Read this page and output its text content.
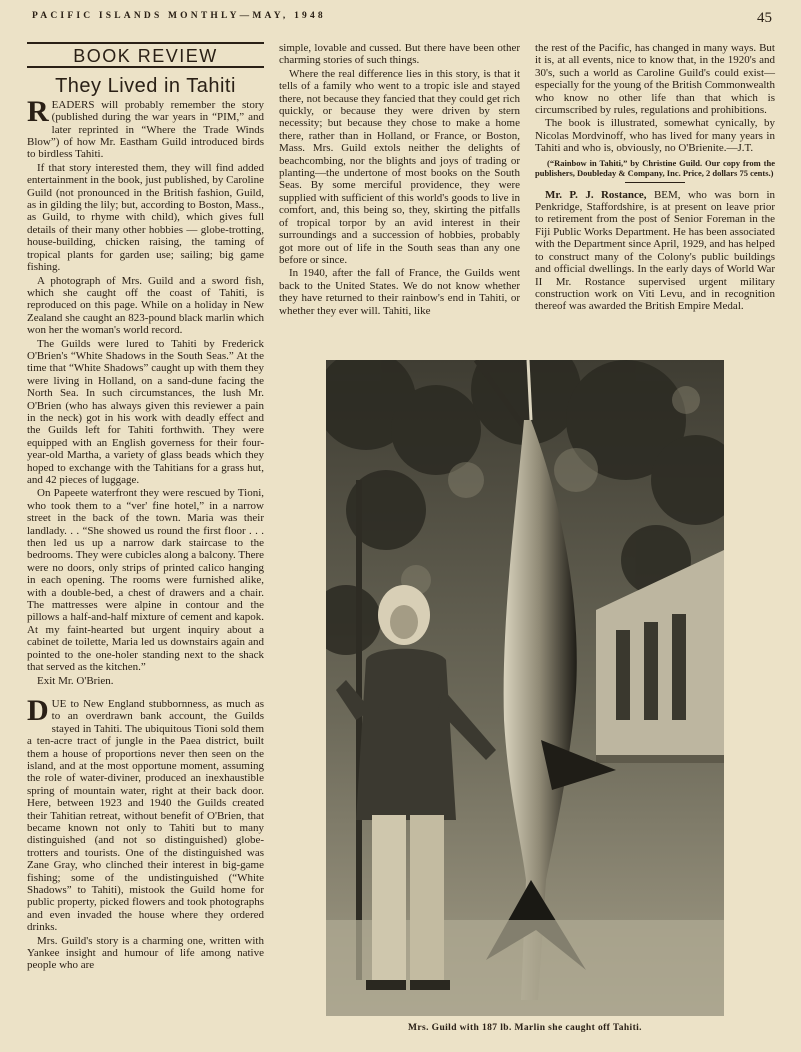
PACIFIC ISLANDS MONTHLY—MAY, 1948	45
BOOK REVIEW
They Lived in Tahiti

READERS will probably remember the story (published during the war years in “PIM,” and later reprinted in “Where the Trade Winds Blow”) of how Mr. Eastham Guild introduced birds to birdless Tahiti.

If that story interested them, they will find added entertainment in the book, just published, by Caroline Guild (not pronounced in the British fashion, Guild, as in gilding the lily; but, according to Boston, Mass., as Guild, to rhyme with child), which gives full details of their many other hobbies — globe-trotting, house-building, chicken raising, the taming of tropical plants for garden use; sailing; big game fishing.

A photograph of Mrs. Guild and a sword fish, which she caught off the coast of Tahiti, is reproduced on this page. While on a holiday in New Zealand she caught an 823-pound black marlin which won her the woman's world record.

The Guilds were lured to Tahiti by Frederick O'Brien's “White Shadows in the South Seas.” At the time that “White Shadows” caught up with them they were living in Holland, on a sand-dune facing the North Sea. In such circumstances, the lush Mr. O'Brien (who has always given this reviewer a pain in the neck) got in his work with deadly effect and the Guilds left for Tahiti forthwith. They were equipped with an English governess for their four-year-old Martha, a variety of glass beads which they hoped to exchange with the Tahitians for a grass hut, and 42 pieces of luggage.

On Papeete waterfront they were rescued by Tioni, who took them to a “ver' fine hotel,” in a narrow street in the back of the town. Maria was their landlady. . . “She showed us round the first floor . . . then led us up a narrow dark staircase to the bedrooms. They were cubicles along a balcony. There were no doors, only strips of printed calico hanging in each opening. The rooms were furnished alike, with a double-bed, a chest of drawers and a chair. The mattresses were alpine in contour and the pillows a half-and-half mixture of cement and kapok. At my faint-hearted but urgent inquiry about a cabinet de toilette, Maria led us downstairs again and pointed to the one-holer standing next to the shack that served as the kitchen.”

Exit Mr. O'Brien.

DUE to New England stubbornness, as much as to an overdrawn bank account, the Guilds stayed in Tahiti. The ubiquitous Tioni sold them a ten-acre tract of jungle in the Paea district, built them a house of proportions never then seen on the island, and at the most opportune moment, assuming the role of water-diviner, produced an inexhaustible spring of mountain water, right at their back door. Here, between 1923 and 1940 the Guilds created their Tahitian retreat, without benefit of O'Brien, that became known not only to Tahiti but to many distinguished (and not so distinguished) globe-trotters and tourists. One of the distinguished was Zane Gray, who clinched their interest in big-game fishing; some of the undistinguished (“White Shadows” to Tahiti), mistook the Guild home for public property, picked flowers and took photographs and even invaded the house where they ordered drinks.

Mrs. Guild's story is a charming one, written with Yankee insight and humour of life among native people who are

simple, lovable and cussed. But there have been other charming stories of such things.

Where the real difference lies in this story, is that it tells of a family who went to a tropic isle and stayed there, not because they fancied that they could get rich quickly, or because they were driven by stern necessity; but because they chose to make a home there, rather than in Holland, or France, or Boston, Mass. Mrs. Guild extols neither the delights of beachcombing, nor the blights and joys of trading or planting—the undertone of most books on the South Seas. By some merciful providence, they were supplied with sufficient of this world's goods to live in comfort, and, this being so, they, skirting the pitfalls of tropical torpor by an avid interest in their surroundings and a succession of hobbies, probably got more out of life in the South seas than any one before or since.

In 1940, after the fall of France, the Guilds went back to the United States. We do not know whether they have returned to their rainbow's end in Tahiti, or whether they ever will. Tahiti, like

the rest of the Pacific, has changed in many ways. But it is, at all events, nice to know that, in the 1920's and 30's, such a world as Caroline Guild's could exist—especially for the young of the British Commonwealth who know no other life than that which is circumscribed by rules, regulations and prohibitions.

The book is illustrated, somewhat cynically, by Nicolas Mordvinoff, who has lived for many years in Tahiti and who is, obviously, no O'Brienite.—J.T.

(“Rainbow in Tahiti,” by Christine Guild. Our copy from the publishers, Doubleday & Company, Inc. Price, 2 dollars 75 cents.)

Mr. P. J. Rostance, BEM, who was born in Penkridge, Staffordshire, is at present on leave prior to retirement from the post of Senior Foreman in the Fiji Public Works Department. He has been associated with the Department since April, 1929, and has helped to construct many of the Colony's public buildings and official dwellings. In the early days of World War II Mr. Rostance supervised urgent military construction work on Viti Levu, and in recognition thereof was awarded the British Empire Medal.

Mrs. Guild with 187 lb. Marlin she caught off Tahiti.
